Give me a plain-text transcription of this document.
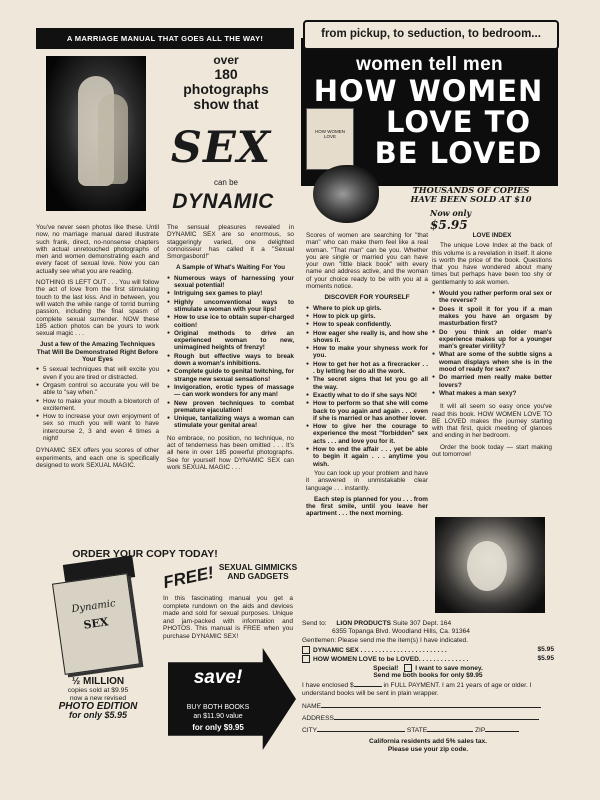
A MARRIAGE MANUAL THAT GOES ALL THE WAY!
over
180 photographs
show that
SEX
can be
DYNAMIC

You've never seen photos like these. Until now, no marriage manual dared illustrate such frank, direct, no-nonsense chapters with actual unretouched photographs of men and women demonstrating each and every facet of sexual love. Now you can actually see what you are reading.

NOTHING IS LEFT OUT . . . You will follow the act of love from the first stimulating touch to the last kiss. And in between, you will watch the while range of torrid burning passion, including the final spasm of complete sexual surrender. NOW these 185 action photos can be yours to work sexual magic . . .

Just a few of the Amazing Techniques That Will Be Demonstrated Right Before Your Eyes
● 5 sexual techniques that will excite you even if you are tired or distracted.
● Orgasm control so accurate you will be able to "say when."
● How to make your mouth a blowtorch of excitement.
● How to increase your own enjoyment of sex so much you will want to have intercourse 2, 3 and even 4 times a night!

DYNAMIC SEX offers you scores of other experiments, and each one is specifically designed to work SEXUAL MAGIC.

The sensual pleasures revealed in DYNAMIC SEX are so enormous, so staggeringly varied, one delighted connoisseur has called it a "Sexual Smorgasbord!"

A Sample of What's Waiting For You
● Numerous ways of harnessing your sexual potential!
● Intriguing sex games to play!
● Highly unconventional ways to stimulate a woman with your lips!
● How to use ice to obtain super-charged coition!
● Original methods to drive an experienced woman to new, unimagined heights of frenzy!
● Rough but effective ways to break down a woman's inhibitions.
● Complete guide to genital twitching, for strange new sexual sensations!
● Invigoration, erotic types of massage — can work wonders for any man!
● New proven techniques to combat premature ejaculation!
● Unique, tantalizing ways a woman can stimulate your genital area!

No embrace, no position, no technique, no act of tenderness has been omitted . . . It's all here in over 185 powerful photographs. See for yourself how DYNAMIC SEX can work SEXUAL MAGIC . . .

ORDER YOUR COPY TODAY!
Dynamic
SEX
½ MILLION
copies sold at $9.95
now a new revised
PHOTO EDITION
for only $5.95
FREE! SEXUAL GIMMICKS AND GADGETS
In this fascinating manual you get a complete rundown on the aids and devices made and sold for sexual purposes. Unique and jam-packed with information and PHOTOS. This manual is FREE when you purchase DYNAMIC SEX!
save!
BUY BOTH BOOKS
an $11.90 value
for only $9.95
from pickup, to seduction, to bedroom...
women tell men
HOW WOMEN
LOVE TO
BE LOVED
HOW WOMEN LOVE
THOUSANDS OF COPIES
HAVE BEEN SOLD AT $10
Now only $5.95

Scores of women are searching for "that man" who can make them feel like a real woman. "That man" can be you. Whether you are single or married you can have your own "little black book" with every name and address active, and the woman of your choice ready to be with you at a moments notice.

DISCOVER FOR YOURSELF
● Where to pick up girls.
● How to pick up girls.
● How to speak confidently.
● How eager she really is, and how she shows it.
● How to make your shyness work for you.
● How to get her hot as a firecracker . . . by letting her do all the work.
● The secret signs that let you go all the way.
● Exactly what to do if she says NO!
● How to perform so that she will come back to you again and again . . . even if she is married or has another lover.
● How to give her the courage to experience the most "forbidden" sex acts . . . and love you for it.
● How to end the affair . . . yet be able to begin it again . . . anytime you wish.

You can look up your problem and have it answered in unmistakable clear language . . . instantly.

Each step is planned for you . . . from the first smile, until you leave her apartment . . . the next morning.

LOVE INDEX

The unique Love Index at the back of this volume is a revelation in itself. It alone is worth the price of the book. Questions that you have wondered about many times but perhaps have been too shy or gentlemanly to ask women.

● Would you rather perform oral sex or the reverse?
● Does it spoil it for you if a man makes you have an orgasm by masturbation first?
● Do you think an older man's experience makes up for a younger man's greater virility?
● What are some of the subtle signs a woman displays when she is in the mood of ready for sex?
● Do married men really make better lovers?
● What makes a man sexy?

It will all seem so easy once you've read this book. HOW WOMEN LOVE TO BE LOVED makes the journey starting with that first, quick meeting of glances and ending in her bedroom.

Order the book today — start making out tomorrow!

Send to: LION PRODUCTS Suite 307 Dept. 164
6355 Topanga Blvd. Woodland Hills, Ca. 91364
Gentlemen: Please send me the item(s) I have indicated.
DYNAMIC SEX . . . . . . . . . . . . . . . . . . . . . . . .	$5.95
HOW WOMEN LOVE to be LOVED. . . . . . . . . . . . . .	$5.95
Special!	I want to save money.
Send me both books for only $9.95
I have enclosed $	in FULL PAYMENT. I am 21 years of age or older. I understand books will be sent in plain wrapper.
NAME
ADDRESS
CITY	STATE	ZIP
California residents add 5% sales tax.
Please use your zip code.
